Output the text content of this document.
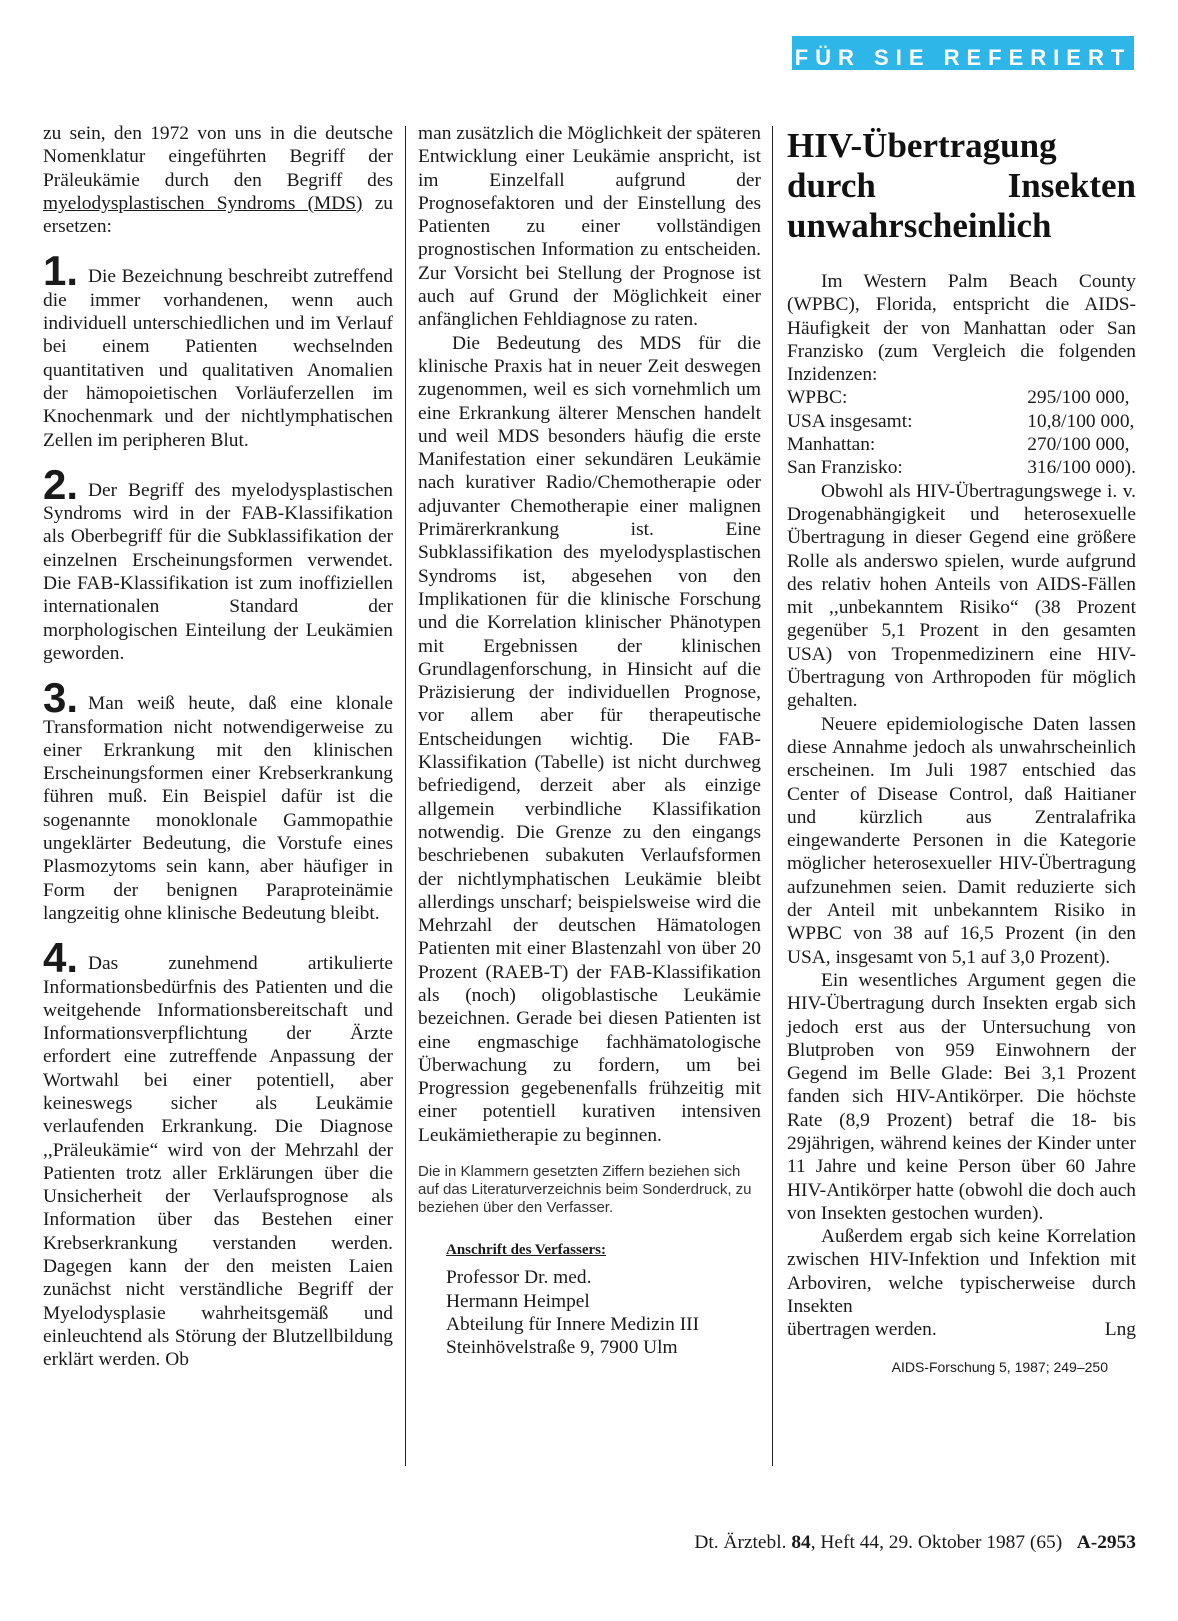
FÜR SIE REFERIERT

zu sein, den 1972 von uns in die deutsche Nomenklatur eingeführten Begriff der Präleukämie durch den Begriff des myelodysplastischen Syndroms (MDS) zu ersetzen:

1. Die Bezeichnung beschreibt zutreffend die immer vorhandenen, wenn auch individuell unterschiedlichen und im Verlauf bei einem Patienten wechselnden quantitativen und qualitativen Anomalien der hämopoietischen Vorläuferzellen im Knochenmark und der nichtlymphatischen Zellen im peripheren Blut.

2. Der Begriff des myelodysplastischen Syndroms wird in der FAB-Klassifikation als Oberbegriff für die Subklassifikation der einzelnen Erscheinungsformen verwendet. Die FAB-Klassifikation ist zum inoffiziellen internationalen Standard der morphologischen Einteilung der Leukämien geworden.

3. Man weiß heute, daß eine klonale Transformation nicht notwendigerweise zu einer Erkrankung mit den klinischen Erscheinungsformen einer Krebserkrankung führen muß. Ein Beispiel dafür ist die sogenannte monoklonale Gammopathie ungeklärter Bedeutung, die Vorstufe eines Plasmozytoms sein kann, aber häufiger in Form der benignen Paraproteinämie langzeitig ohne klinische Bedeutung bleibt.

4. Das zunehmend artikulierte Informationsbedürfnis des Patienten und die weitgehende Informationsbereitschaft und Informationsverpflichtung der Ärzte erfordert eine zutreffende Anpassung der Wortwahl bei einer potentiell, aber keineswegs sicher als Leukämie verlaufenden Erkrankung. Die Diagnose ,,Präleukämie“ wird von der Mehrzahl der Patienten trotz aller Erklärungen über die Unsicherheit der Verlaufsprognose als Information über das Bestehen einer Krebserkrankung verstanden werden. Dagegen kann der den meisten Laien zunächst nicht verständliche Begriff der Myelodysplasie wahrheitsgemäß und einleuchtend als Störung der Blutzellbildung erklärt werden. Ob

man zusätzlich die Möglichkeit der späteren Entwicklung einer Leukämie anspricht, ist im Einzelfall aufgrund der Prognosefaktoren und der Einstellung des Patienten zu einer vollständigen prognostischen Information zu entscheiden. Zur Vorsicht bei Stellung der Prognose ist auch auf Grund der Möglichkeit einer anfänglichen Fehldiagnose zu raten.

Die Bedeutung des MDS für die klinische Praxis hat in neuer Zeit deswegen zugenommen, weil es sich vornehmlich um eine Erkrankung älterer Menschen handelt und weil MDS besonders häufig die erste Manifestation einer sekundären Leukämie nach kurativer Radio/Chemotherapie oder adjuvanter Chemotherapie einer malignen Primärerkrankung ist. Eine Subklassifikation des myelodysplastischen Syndroms ist, abgesehen von den Implikationen für die klinische Forschung und die Korrelation klinischer Phänotypen mit Ergebnissen der klinischen Grundlagenforschung, in Hinsicht auf die Präzisierung der individuellen Prognose, vor allem aber für therapeutische Entscheidungen wichtig. Die FAB-Klassifikation (Tabelle) ist nicht durchweg befriedigend, derzeit aber als einzige allgemein verbindliche Klassifikation notwendig. Die Grenze zu den eingangs beschriebenen subakuten Verlaufsformen der nichtlymphatischen Leukämie bleibt allerdings unscharf; beispielsweise wird die Mehrzahl der deutschen Hämatologen Patienten mit einer Blastenzahl von über 20 Prozent (RAEB-T) der FAB-Klassifikation als (noch) oligoblastische Leukämie bezeichnen. Gerade bei diesen Patienten ist eine engmaschige fachhämatologische Überwachung zu fordern, um bei Progression gegebenenfalls frühzeitig mit einer potentiell kurativen intensiven Leukämietherapie zu beginnen.

Die in Klammern gesetzten Ziffern beziehen sich auf das Literaturverzeichnis beim Sonderdruck, zu beziehen über den Verfasser.

Anschrift des Verfassers:

Professor Dr. med.
Hermann Heimpel
Abteilung für Innere Medizin III
Steinhövelstraße 9, 7900 Ulm
HIV-Übertragung durch Insekten unwahrscheinlich

Im Western Palm Beach County (WPBC), Florida, entspricht die AIDS-Häufigkeit der von Manhattan oder San Franzisko (zum Vergleich die folgenden Inzidenzen:

WPBC:	295/100 000,
USA insgesamt:	10,8/100 000,
Manhattan:	270/100 000,
San Franzisko:	316/100 000).

Obwohl als HIV-Übertragungswege i. v. Drogenabhängigkeit und heterosexuelle Übertragung in dieser Gegend eine größere Rolle als anderswo spielen, wurde aufgrund des relativ hohen Anteils von AIDS-Fällen mit ,,unbekanntem Risiko“ (38 Prozent gegenüber 5,1 Prozent in den gesamten USA) von Tropenmedizinern eine HIV-Übertragung von Arthropoden für möglich gehalten.

Neuere epidemiologische Daten lassen diese Annahme jedoch als unwahrscheinlich erscheinen. Im Juli 1987 entschied das Center of Disease Control, daß Haitianer und kürzlich aus Zentralafrika eingewanderte Personen in die Kategorie möglicher heterosexueller HIV-Übertragung aufzunehmen seien. Damit reduzierte sich der Anteil mit unbekanntem Risiko in WPBC von 38 auf 16,5 Prozent (in den USA, insgesamt von 5,1 auf 3,0 Prozent).

Ein wesentliches Argument gegen die HIV-Übertragung durch Insekten ergab sich jedoch erst aus der Untersuchung von Blutproben von 959 Einwohnern der Gegend im Belle Glade: Bei 3,1 Prozent fanden sich HIV-Antikörper. Die höchste Rate (8,9 Prozent) betraf die 18- bis 29jährigen, während keines der Kinder unter 11 Jahre und keine Person über 60 Jahre HIV-Antikörper hatte (obwohl die doch auch von Insekten gestochen wurden).

Außerdem ergab sich keine Korrelation zwischen HIV-Infektion und Infektion mit Arboviren, welche typischerweise durch Insekten

übertragen werden.	Lng

AIDS-Forschung 5, 1987; 249–250

Dt. Ärztebl. 84, Heft 44, 29. Oktober 1987 (65) A-2953
